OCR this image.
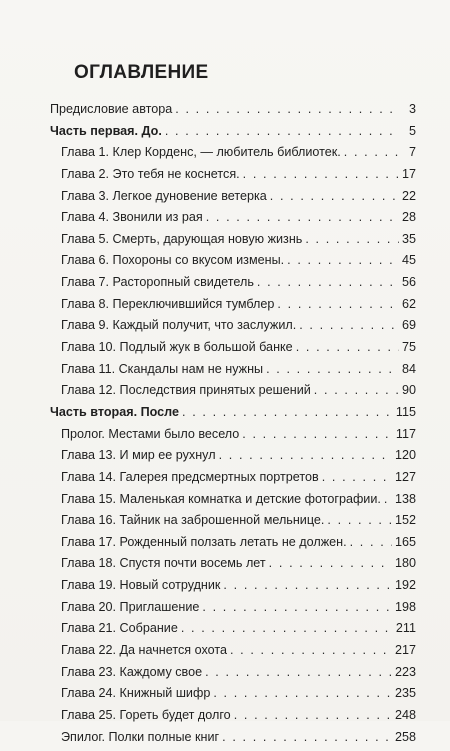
ОГЛАВЛЕНИЕ
Предисловие автора . . .	3
Часть первая. До. . . .	5
Глава 1. Клер Корденс, — любитель библиотек. . . .	7
Глава 2. Это тебя не коснется. . . .	17
Глава 3. Легкое дуновение ветерка . . .	22
Глава 4. Звонили из рая . . .	28
Глава 5. Смерть, дарующая новую жизнь . . .	35
Глава 6. Похороны со вкусом измены. . . .	45
Глава 7. Расторопный свидетель . . .	56
Глава 8. Переключившийся тумблер . . .	62
Глава 9. Каждый получит, что заслужил. . . .	69
Глава 10. Подлый жук в большой банке . . .	75
Глава 11. Скандалы нам не нужны . . .	84
Глава 12. Последствия принятых решений . . .	90
Часть вторая. После . . .	115
Пролог. Местами было весело . . .	117
Глава 13. И мир ее рухнул . . .	120
Глава 14. Галерея предсмертных портретов . . .	127
Глава 15. Маленькая комнатка и детские фотографии. . . . 138
Глава 16. Тайник на заброшенной мельнице. . . .	152
Глава 17. Рожденный ползать летать не должен. . . .	165
Глава 18. Спустя почти восемь лет . . .	180
Глава 19. Новый сотрудник . . .	192
Глава 20. Приглашение . . .	198
Глава 21. Собрание . . .	211
Глава 22. Да начнется охота . . .	217
Глава 23. Каждому свое . . .	223
Глава 24. Книжный шифр . . .	235
Глава 25. Гореть будет долго . . .	248
Эпилог. Полки полные книг . . .	258
